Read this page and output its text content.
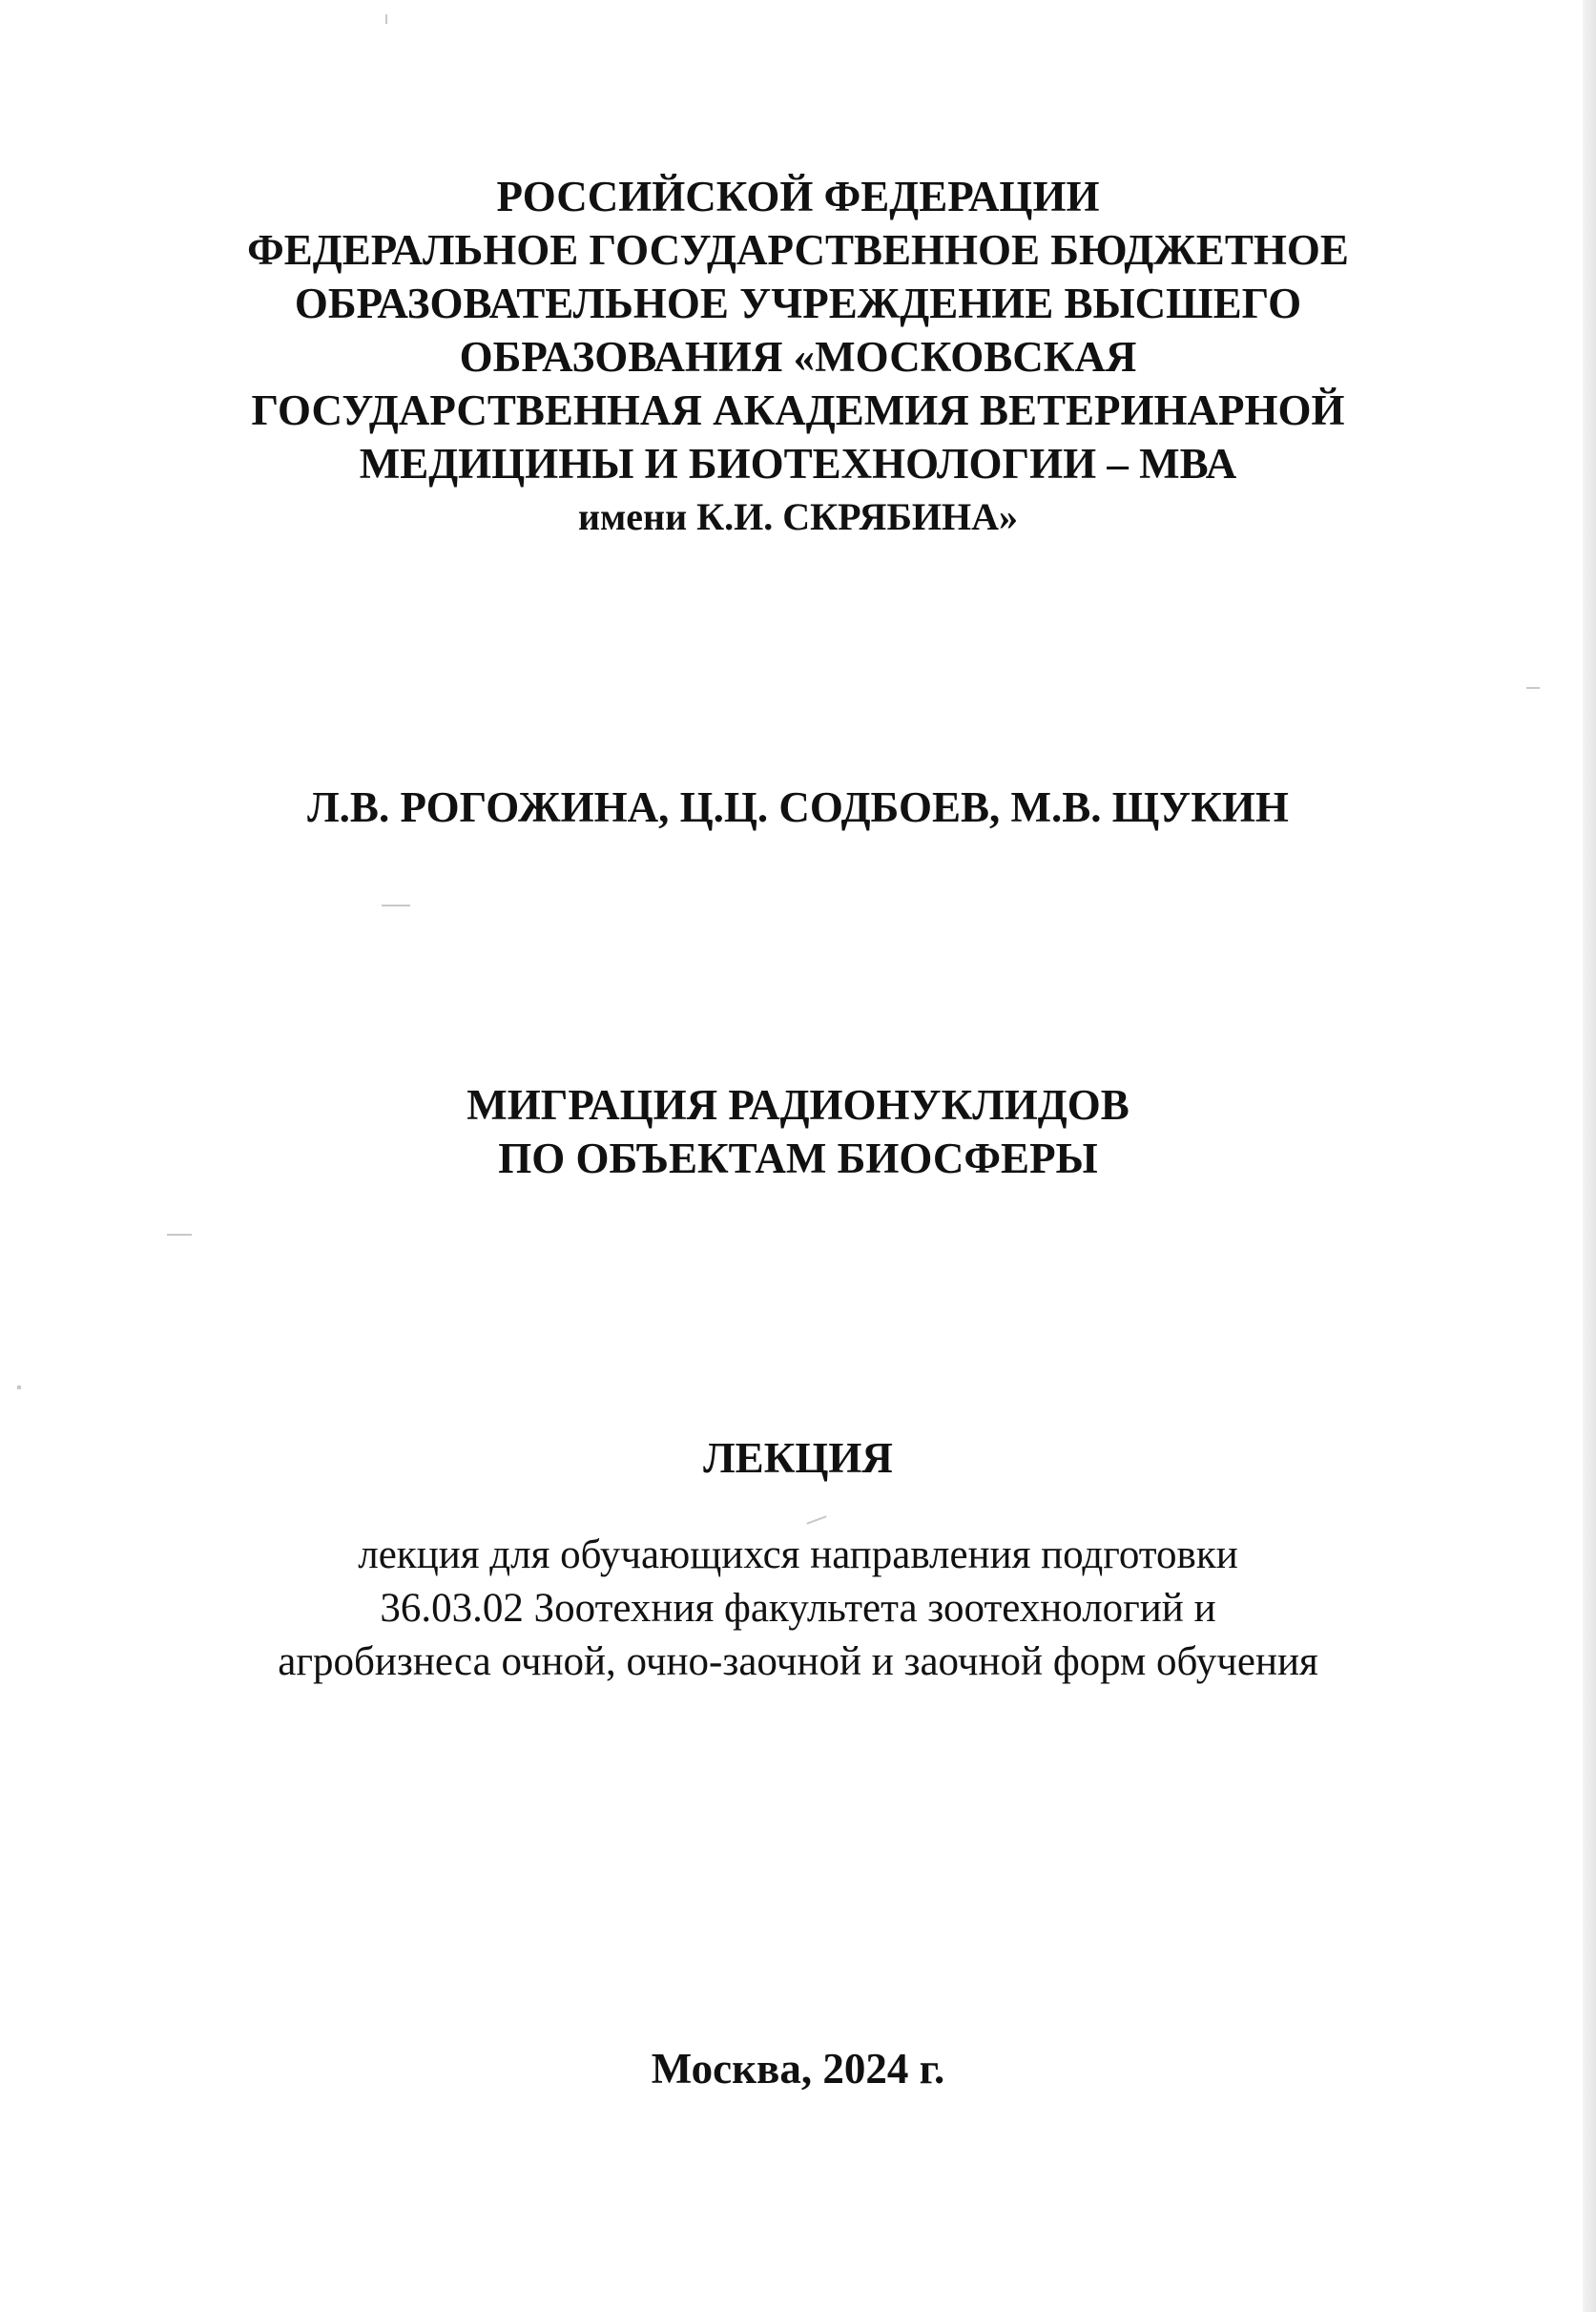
РОССИЙСКОЙ ФЕДЕРАЦИИ
ФЕДЕРАЛЬНОЕ ГОСУДАРСТВЕННОЕ БЮДЖЕТНОЕ
ОБРАЗОВАТЕЛЬНОЕ УЧРЕЖДЕНИЕ ВЫСШЕГО
ОБРАЗОВАНИЯ «МОСКОВСКАЯ
ГОСУДАРСТВЕННАЯ АКАДЕМИЯ ВЕТЕРИНАРНОЙ
МЕДИЦИНЫ И БИОТЕХНОЛОГИИ – МВА
имени К.И. СКРЯБИНА»
Л.В. РОГОЖИНА, Ц.Ц. СОДБОЕВ, М.В. ЩУКИН
МИГРАЦИЯ РАДИОНУКЛИДОВ
ПО ОБЪЕКТАМ БИОСФЕРЫ
ЛЕКЦИЯ
лекция для обучающихся направления подготовки
36.03.02 Зоотехния факультета зоотехнологий и
агробизнеса очной, очно-заочной и заочной форм обучения
Москва, 2024 г.
